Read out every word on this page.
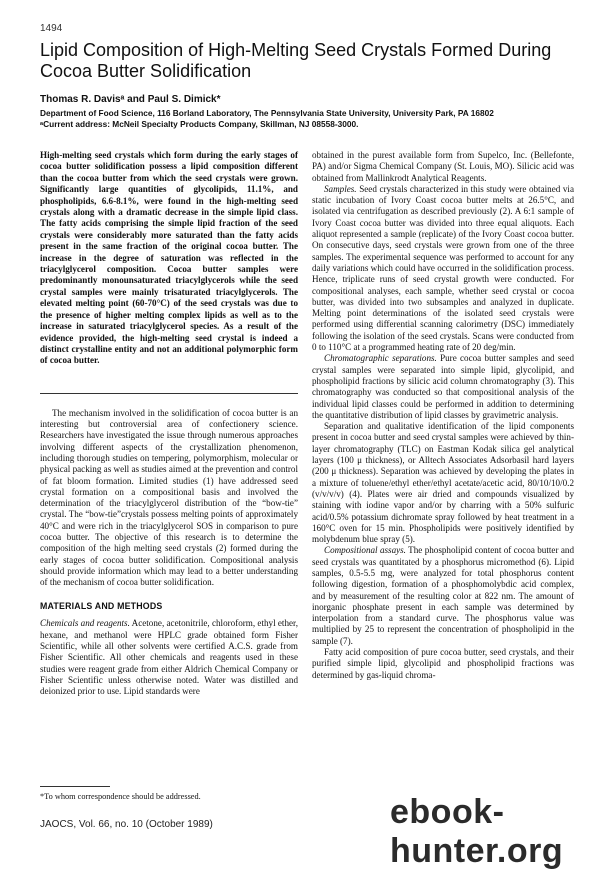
1494
Lipid Composition of High-Melting Seed Crystals Formed During Cocoa Butter Solidification
Thomas R. Davisᵃ and Paul S. Dimick*
Department of Food Science, 116 Borland Laboratory, The Pennsylvania State University, University Park, PA 16802
ᵃCurrent address: McNeil Specialty Products Company, Skillman, NJ 08558-3000.

High-melting seed crystals which form during the early stages of cocoa butter solidification possess a lipid composition different than the cocoa butter from which the seed crystals were grown. Significantly large quantities of glycolipids, 11.1%, and phospholipids, 6.6-8.1%, were found in the high-melting seed crystals along with a dramatic decrease in the simple lipid class. The fatty acids comprising the simple lipid fraction of the seed crystals were considerably more saturated than the fatty acids present in the same fraction of the original cocoa butter. The increase in the degree of saturation was reflected in the triacylglycerol composition. Cocoa butter samples were predominantly monounsaturated triacylglycerols while the seed crystal samples were mainly trisaturated triacylglycerols. The elevated melting point (60-70°C) of the seed crystals was due to the presence of higher melting complex lipids as well as to the increase in saturated triacylglycerol species. As a result of the evidence provided, the high-melting seed crystal is indeed a distinct crystalline entity and not an additional polymorphic form of cocoa butter.

The mechanism involved in the solidification of cocoa butter is an interesting but controversial area of confectionery science. Researchers have investigated the issue through numerous approaches involving different aspects of the crystallization phenomenon, including thorough studies on tempering, polymorphism, molecular or physical packing as well as studies aimed at the prevention and control of fat bloom formation. Limited studies (1) have addressed seed crystal formation on a compositional basis and involved the determination of the triacylglycerol distribution of the “bow-tie” crystal. The “bow-tie”crystals possess melting points of approximately 40°C and were rich in the triacylglycerol SOS in comparison to pure cocoa butter. The objective of this research is to determine the composition of the high melting seed crystals (2) formed during the early stages of cocoa butter solidification. Compositional analysis should provide information which may lead to a better understanding of the mechanism of cocoa butter solidification.

MATERIALS AND METHODS

Chemicals and reagents. Acetone, acetonitrile, chloroform, ethyl ether, hexane, and methanol were HPLC grade obtained form Fisher Scientific, while all other solvents were certified A.C.S. grade from Fisher Scientific. All other chemicals and reagents used in these studies were reagent grade from either Aldrich Chemical Company or Fisher Scientific unless otherwise noted. Water was distilled and deionized prior to use. Lipid standards were

obtained in the purest available form from Supelco, Inc. (Bellefonte, PA) and/or Sigma Chemical Company (St. Louis, MO). Silicic acid was obtained from Mallinkrodt Analytical Reagents.

Samples. Seed crystals characterized in this study were obtained via static incubation of Ivory Coast cocoa butter melts at 26.5°C, and isolated via centrifugation as described previously (2). A 6:1 sample of Ivory Coast cocoa butter was divided into three equal aliquots. Each aliquot represented a sample (replicate) of the Ivory Coast cocoa butter. On consecutive days, seed crystals were grown from one of the three samples. The experimental sequence was performed to account for any daily variations which could have occurred in the solidification process. Hence, triplicate runs of seed crystal growth were conducted. For compositional analyses, each sample, whether seed crystal or cocoa butter, was divided into two subsamples and analyzed in duplicate. Melting point determinations of the isolated seed crystals were performed using differential scanning calorimetry (DSC) immediately following the isolation of the seed crystals. Scans were conducted from 0 to 110°C at a programmed heating rate of 20 deg/min.

Chromatographic separations. Pure cocoa butter samples and seed crystal samples were separated into simple lipid, glycolipid, and phospholipid fractions by silicic acid column chromatography (3). This chromatography was conducted so that compositional analysis of the individual lipid classes could be performed in addition to determining the quantitative distribution of lipid classes by gravimetric analysis.

Separation and qualitative identification of the lipid components present in cocoa butter and seed crystal samples were achieved by thin-layer chromatography (TLC) on Eastman Kodak silica gel analytical layers (100 μ thickness), or Alltech Associates Adsorbasil hard layers (200 μ thickness). Separation was achieved by developing the plates in a mixture of toluene/ethyl ether/ethyl acetate/acetic acid, 80/10/10/0.2 (v/v/v/v) (4). Plates were air dried and compounds visualized by staining with iodine vapor and/or by charring with a 50% sulfuric acid/0.5% potassium dichromate spray followed by heat treatment in a 160°C oven for 15 min. Phospholipids were positively identified by molybdenum blue spray (5).

Compositional assays. The phospholipid content of cocoa butter and seed crystals was quantitated by a phosphorus micromethod (6). Lipid samples, 0.5-5.5 mg, were analyzed for total phosphorus content following digestion, formation of a phosphomolybdic acid complex, and by measurement of the resulting color at 822 nm. The amount of inorganic phosphate present in each sample was determined by interpolation from a standard curve. The phosphorus value was multiplied by 25 to represent the concentration of phospholipid in the sample (7).

Fatty acid composition of pure cocoa butter, seed crystals, and their purified simple lipid, glycolipid and phospholipid fractions was determined by gas-liquid chroma-

*To whom correspondence should be addressed.
JAOCS, Vol. 66, no. 10 (October 1989)	ebook-hunter.org
